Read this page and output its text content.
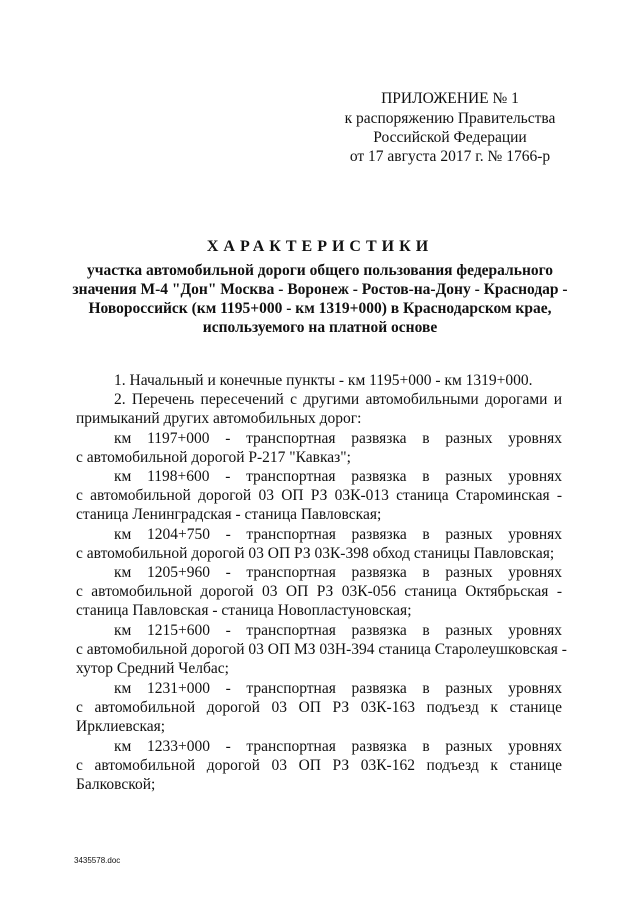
ПРИЛОЖЕНИЕ № 1
к распоряжению Правительства
Российской Федерации
от 17 августа 2017 г. № 1766-р
ХАРАКТЕРИСТИКИ
участка автомобильной дороги общего пользования федерального
значения М-4 "Дон" Москва - Воронеж - Ростов-на-Дону - Краснодар -
Новороссийск (км 1195+000 - км 1319+000) в Краснодарском крае,
используемого на платной основе
1. Начальный и конечные пункты - км 1195+000 - км 1319+000.
2. Перечень пересечений с другими автомобильными дорогами и
примыканий других автомобильных дорог:
км 1197+000 - транспортная развязка в разных уровнях
с автомобильной дорогой Р-217 "Кавказ";
км 1198+600 - транспортная развязка в разных уровнях
с автомобильной дорогой 03 ОП РЗ 03К-013 станица Староминская -
станица Ленинградская - станица Павловская;
км 1204+750 - транспортная развязка в разных уровнях
с автомобильной дорогой 03 ОП РЗ 03К-398 обход станицы Павловская;
км 1205+960 - транспортная развязка в разных уровнях
с автомобильной дорогой 03 ОП РЗ 03К-056 станица Октябрьская -
станица Павловская - станица Новопластуновская;
км 1215+600 - транспортная развязка в разных уровнях
с автомобильной дорогой 03 ОП МЗ 03Н-394 станица Старолеушковская -
хутор Средний Челбас;
км 1231+000 - транспортная развязка в разных уровнях
с автомобильной дорогой 03 ОП РЗ 03К-163 подъезд к станице
Ирклиевская;
км 1233+000 - транспортная развязка в разных уровнях
с автомобильной дорогой 03 ОП РЗ 03К-162 подъезд к станице
Балковской;
3435578.doc
